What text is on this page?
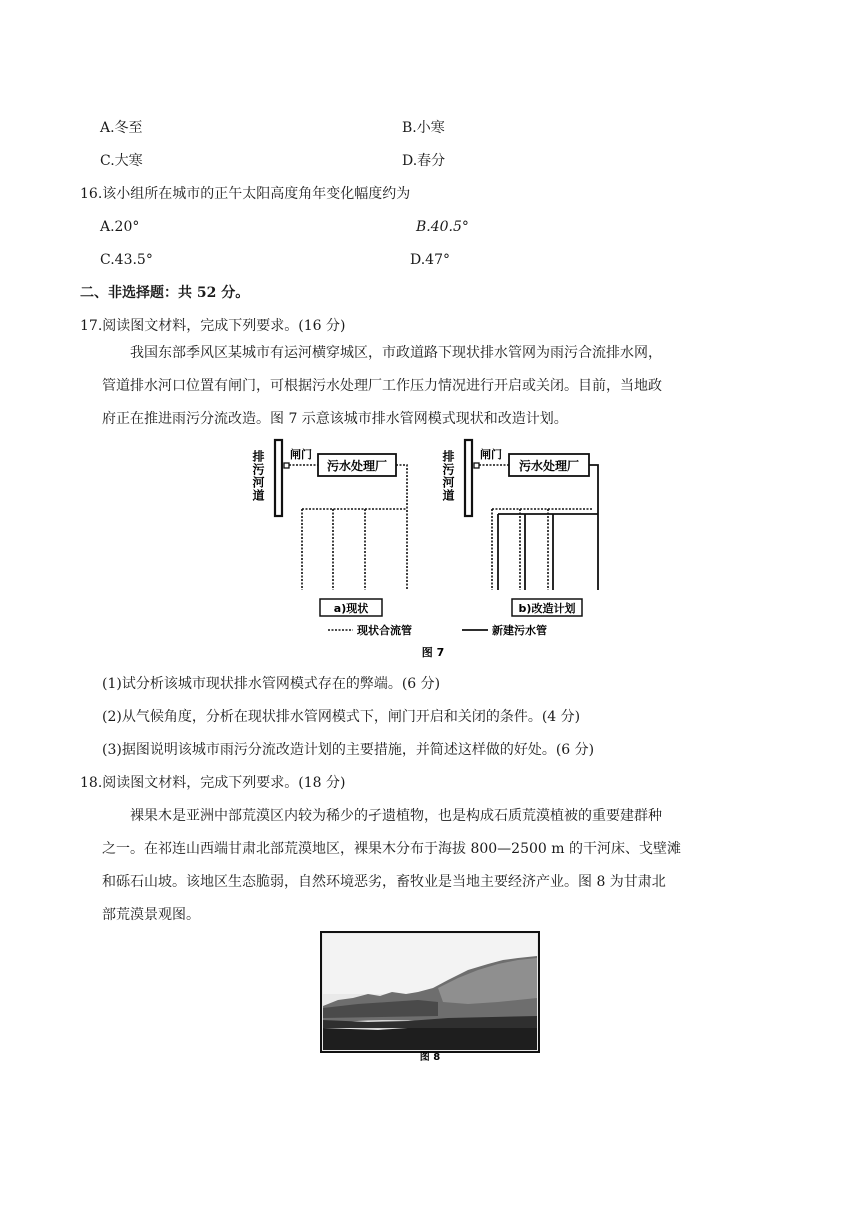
A.冬至	B.小寒
C.大寒	D.春分
16.该小组所在城市的正午太阳高度角年变化幅度约为
A.20°	B.40.5°
C.43.5°	D.47°
二、非选择题：共 52 分。
17.阅读图文材料，完成下列要求。(16 分)
我国东部季风区某城市有运河横穿城区，市政道路下现状排水管网为雨污合流排水网，
管道排水河口位置有闸门，可根据污水处理厂工作压力情况进行开启或关闭。目前，当地政
府正在推进雨污分流改造。图 7 示意该城市排水管网模式现状和改造计划。
排污河道 闸门
污水处理厂
a)现状
排污河道 闸门
污水处理厂
b)改造计划
现状合流管	新建污水管
图 7
(1)试分析该城市现状排水管网模式存在的弊端。(6 分)
(2)从气候角度，分析在现状排水管网模式下，闸门开启和关闭的条件。(4 分)
(3)据图说明该城市雨污分流改造计划的主要措施，并简述这样做的好处。(6 分)
18.阅读图文材料，完成下列要求。(18 分)
裸果木是亚洲中部荒漠区内较为稀少的孑遗植物，也是构成石质荒漠植被的重要建群种
之一。在祁连山西端甘肃北部荒漠地区，裸果木分布于海拔 800—2500 m 的干河床、戈壁滩
和砾石山坡。该地区生态脆弱，自然环境恶劣，畜牧业是当地主要经济产业。图 8 为甘肃北
部荒漠景观图。
图 8
